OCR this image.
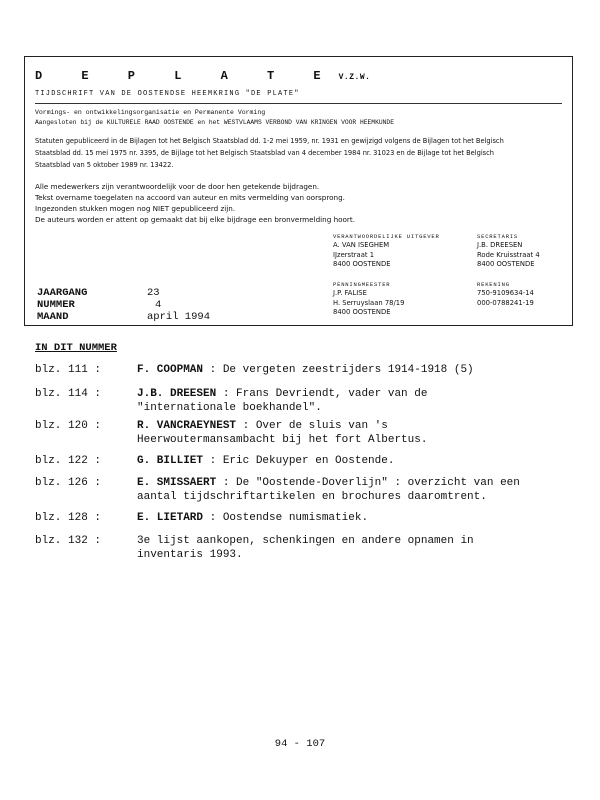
D E P L A T E V.Z.W.
TIJDSCHRIFT VAN DE OOSTENDSE HEEMKRING "DE PLATE"
Vormings- en ontwikkelingsorganisatie en Permanente Vorming
Aangesloten bij de KULTURELE RAAD OOSTENDE en het WESTVLAAMS VERBOND VAN KRINGEN VOOR HEEMKUNDE
Statuten gepubliceerd in de Bijlagen tot het Belgisch Staatsblad dd. 1-2 mei 1959, nr. 1931 en gewijzigd volgens de Bijlagen tot het Belgisch Staatsblad dd. 15 mei 1975 nr. 3395, de Bijlage tot het Belgisch Staatsblad van 4 december 1984 nr. 31023 en de Bijlage tot het Belgisch Staatsblad van 5 oktober 1989 nr. 13422.
Alle medewerkers zijn verantwoordelijk voor de door hen getekende bijdragen.
Tekst overname toegelaten na accoord van auteur en mits vermelding van oorsprong.
Ingezonden stukken mogen nog NIET gepubliceerd zijn.
De auteurs worden er attent op gemaakt dat bij elke bijdrage een bronvermelding hoort.
VERANTWOORDELIJKE UITGEVER
A. VAN ISEGHEM
IJzerstraat 1
8400 OOSTENDE
SECRETARIS
J.B. DREESEN
Rode Kruisstraat 4
8400 OOSTENDE
PENNINGMEESTER
J.P. FALISE
H. Serruyslaan 78/19
8400 OOSTENDE
REKENING
750-9109634-14
000-0788241-19
JAARGANG	23
NUMMER	4
MAAND	april 1994
IN DIT NUMMER
blz. 111 :	F. COOPMAN : De vergeten zeestrijders 1914-1918 (5)
blz. 114 :	J.B. DREESEN : Frans Devriendt, vader van de
"internationale boekhandel".
blz. 120 :	R. VANCRAEYNEST : Over de sluis van 's
Heerwoutermansambacht bij het fort Albertus.
blz. 122 :	G. BILLIET : Eric Dekuyper en Oostende.
blz. 126 :	E. SMISSAERT : De "Oostende-Doverlijn" : overzicht van een
aantal tijdschriftartikelen en brochures daaromtrent.
blz. 128 :	E. LIETARD : Oostendse numismatiek.
blz. 132 :	3e lijst aankopen, schenkingen en andere opnamen in
inventaris 1993.
94 - 107
